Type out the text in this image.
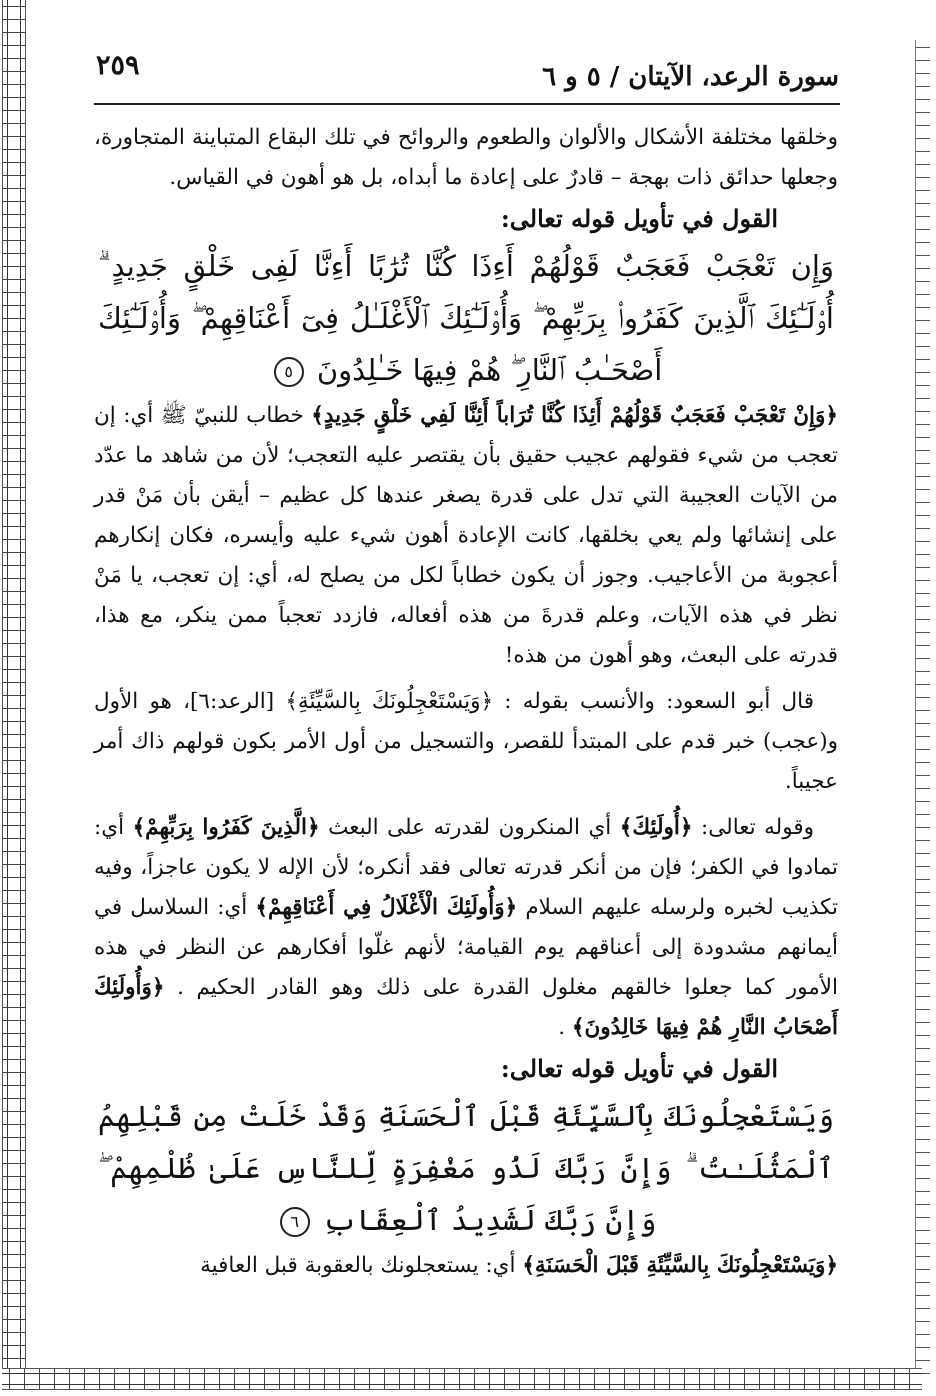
٢٥٩	سورة الرعد، الآيتان / ٥ و ٦

وخلقها مختلفة الأشكال والألوان والطعوم والروائح في تلك البقاع المتباينة المتجاورة، وجعلها حدائق ذات بهجة – قادرٌ على إعادة ما أبداه، بل هو أهون في القياس.

القول في تأويل قوله تعالى:

وَإِن تَعْجَبْ فَعَجَبٌ قَوْلُهُمْ أَءِذَا كُنَّا تُرَٰبًا أَءِنَّا لَفِى خَلْقٍ جَدِيدٍ ۗ أُو۟لَـٰٓئِكَ ٱلَّذِينَ كَفَرُوا۟ بِرَبِّهِمْ ۖ وَأُو۟لَـٰٓئِكَ ٱلْأَغْلَـٰلُ فِىٓ أَعْنَاقِهِمْ ۖ وَأُو۟لَـٰٓئِكَ أَصْحَـٰبُ ٱلنَّارِ ۖ هُمْ فِيهَا خَـٰلِدُونَ ٥

﴿وَإِنْ تَعْجَبْ فَعَجَبٌ قَوْلُهُمْ أَئِذَا كُنَّا تُرَاباً أَئِنَّا لَفِي خَلْقٍ جَدِيدٍ﴾ خطاب للنبيّ ﷺ أي: إن تعجب من شيء فقولهم عجيب حقيق بأن يقتصر عليه التعجب؛ لأن من شاهد ما عدّد من الآيات العجيبة التي تدل على قدرة يصغر عندها كل عظيم – أيقن بأن مَنْ قدر على إنشائها ولم يعي بخلقها، كانت الإعادة أهون شيء عليه وأيسره، فكان إنكارهم أعجوبة من الأعاجيب. وجوز أن يكون خطاباً لكل من يصلح له، أي: إن تعجب، يا مَنْ نظر في هذه الآيات، وعلم قدرةَ من هذه أفعاله، فازدد تعجباً ممن ينكر، مع هذا، قدرته على البعث، وهو أهون من هذه!

قال أبو السعود: والأنسب بقوله : ﴿وَيَسْتَعْجِلُونَكَ بِالسَّيِّئَةِ﴾ [الرعد:٦]، هو الأول و(عجب) خبر قدم على المبتدأ للقصر، والتسجيل من أول الأمر بكون قولهم ذاك أمر عجيباً.

وقوله تعالى: ﴿أُولَئِكَ﴾ أي المنكرون لقدرته على البعث ﴿الَّذِينَ كَفَرُوا بِرَبِّهِمْ﴾ أي: تمادوا في الكفر؛ فإن من أنكر قدرته تعالى فقد أنكره؛ لأن الإله لا يكون عاجزاً، وفيه تكذيب لخبره ولرسله عليهم السلام ﴿وَأُولَئِكَ الْأَغْلَالُ فِي أَعْنَاقِهِمْ﴾ أي: السلاسل في أيمانهم مشدودة إلى أعناقهم يوم القيامة؛ لأنهم غلّوا أفكارهم عن النظر في هذه الأمور كما جعلوا خالقهم مغلول القدرة على ذلك وهو القادر الحكيم . ﴿وَأُولَئِكَ أَصْحَابُ النَّارِ هُمْ فِيهَا خَالِدُونَ﴾ .

القول في تأويل قوله تعالى:

وَيَسْتَعْجِلُونَكَ بِٱلسَّيِّئَةِ قَبْلَ ٱلْحَسَنَةِ وَقَدْ خَلَتْ مِن قَبْلِهِمُ ٱلْمَثُلَـٰتُ ۗ وَإِنَّ رَبَّكَ لَذُو مَغْفِرَةٍ لِّلنَّاسِ عَلَىٰ ظُلْمِهِمْ ۖ وَإِنَّ رَبَّكَ لَشَدِيدُ ٱلْعِقَابِ ٦

﴿وَيَسْتَعْجِلُونَكَ بِالسَّيِّئَةِ قَبْلَ الْحَسَنَةِ﴾ أي: يستعجلونك بالعقوبة قبل العافية
